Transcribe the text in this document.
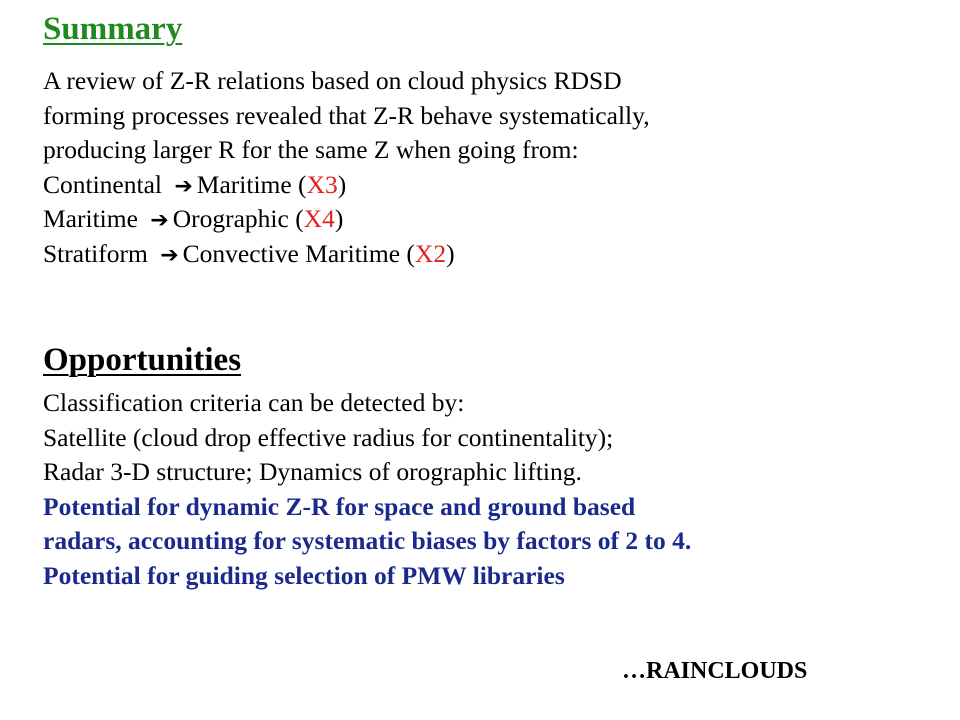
Summary
A review of Z-R relations based on cloud physics RDSD
forming processes revealed that Z-R behave systematically,
producing larger R for the same Z when going from:
Continental ➔ Maritime (X3)
Maritime ➔ Orographic (X4)
Stratiform ➔ Convective Maritime (X2)
Opportunities
Classification criteria can be detected by:
Satellite (cloud drop effective radius for continentality);
Radar 3-D structure; Dynamics of orographic lifting.
Potential for dynamic Z-R for space and ground based
radars, accounting for systematic biases by factors of 2 to 4.
Potential for guiding selection of PMW libraries
…RAINCLOUDS
